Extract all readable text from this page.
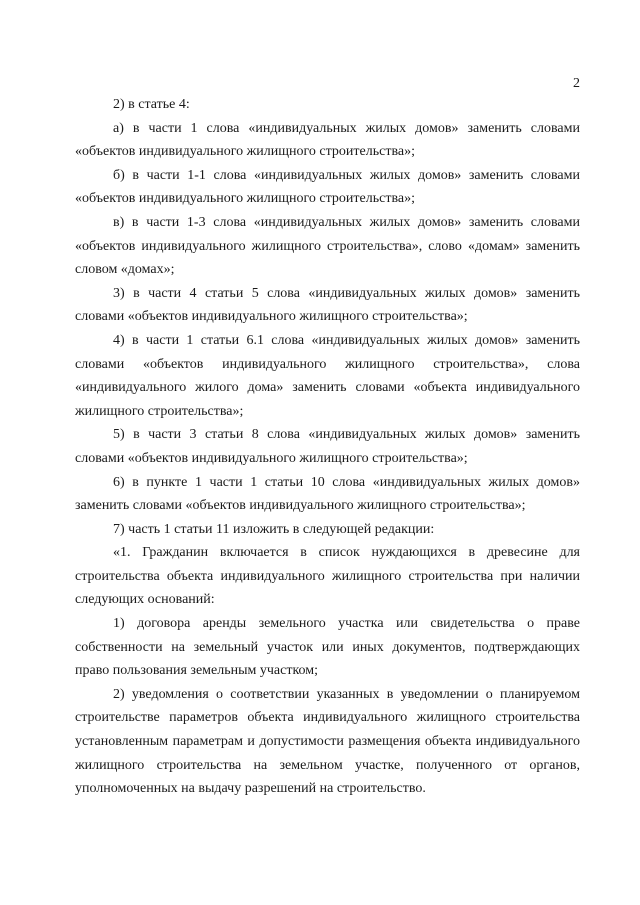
2

2) в статье 4:

а) в части 1 слова «индивидуальных жилых домов» заменить словами «объектов индивидуального жилищного строительства»;

б) в части 1-1 слова «индивидуальных жилых домов» заменить словами «объектов индивидуального жилищного строительства»;

в) в части 1-3 слова «индивидуальных жилых домов» заменить словами «объектов индивидуального жилищного строительства», слово «домам» заменить словом «домах»;

3) в части 4 статьи 5 слова «индивидуальных жилых домов» заменить словами «объектов индивидуального жилищного строительства»;

4) в части 1 статьи 6.1 слова «индивидуальных жилых домов» заменить словами «объектов индивидуального жилищного строительства», слова «индивидуального жилого дома» заменить словами «объекта индивидуального жилищного строительства»;

5) в части 3 статьи 8 слова «индивидуальных жилых домов» заменить словами «объектов индивидуального жилищного строительства»;

6) в пункте 1 части 1 статьи 10 слова «индивидуальных жилых домов» заменить словами «объектов индивидуального жилищного строительства»;

7) часть 1 статьи 11 изложить в следующей редакции:

«1. Гражданин включается в список нуждающихся в древесине для строительства объекта индивидуального жилищного строительства при наличии следующих оснований:

1) договора аренды земельного участка или свидетельства о праве собственности на земельный участок или иных документов, подтверждающих право пользования земельным участком;

2) уведомления о соответствии указанных в уведомлении о планируемом строительстве параметров объекта индивидуального жилищного строительства установленным параметрам и допустимости размещения объекта индивидуального жилищного строительства на земельном участке, полученного от органов, уполномоченных на выдачу разрешений на строительство.
